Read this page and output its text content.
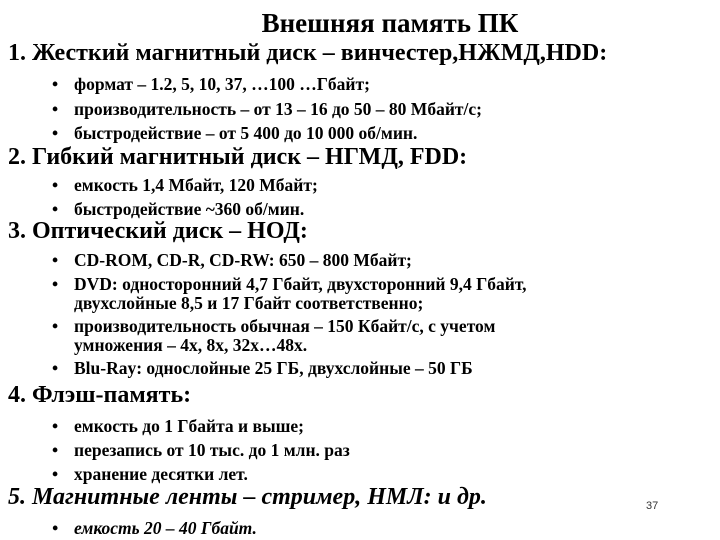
Внешняя память ПК
1. Жесткий магнитный диск – винчестер,НЖМД,HDD:
• формат – 1.2, 5, 10, 37, …100 …Гбайт;
• производительность – от 13 – 16 до 50 – 80 Мбайт/с;
• быстродействие – от 5 400 до 10 000 об/мин.
2. Гибкий магнитный диск – НГМД, FDD:
• емкость 1,4 Мбайт, 120 Мбайт;
• быстродействие ~360 об/мин.
3. Оптический диск – НОД:
• CD-ROM, CD-R, CD-RW: 650 – 800 Мбайт;
• DVD: односторонний 4,7 Гбайт, двухсторонний 9,4 Гбайт,
двухслойные 8,5 и 17 Гбайт соответственно;
• производительность обычная – 150 Кбайт/с, с учетом
умножения – 4х, 8х, 32х…48х.
• Blu-Ray: однослойные 25 ГБ, двухслойные – 50 ГБ
4. Флэш-память:
• емкость до 1 Гбайта и выше;
• перезапись от 10 тыс. до 1 млн. раз
• хранение десятки лет.
5. Магнитные ленты – стример, НМЛ: и др.	37
• емкость 20 – 40 Гбайт.
